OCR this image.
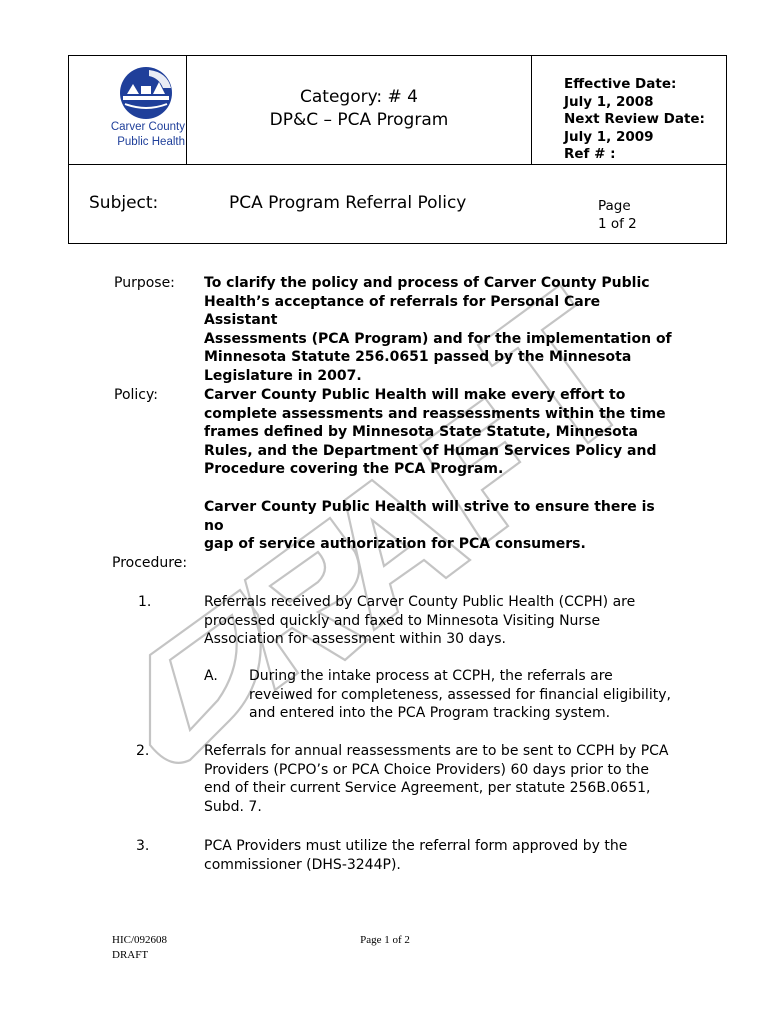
Carver County
Public Health
Category: # 4
DP&C – PCA Program
Effective Date:
July 1, 2008
Next Review Date:
July 1, 2009
Ref # :
Subject:	PCA Program Referral Policy	Page
1 of 2
Purpose: To clarify the policy and process of Carver County Public
Health’s acceptance of referrals for Personal Care Assistant
Assessments (PCA Program) and for the implementation of
Minnesota Statute 256.0651 passed by the Minnesota
Legislature in 2007.
Policy:	Carver County Public Health will make every effort to
complete assessments and reassessments within the time
frames defined by Minnesota State Statute, Minnesota
Rules, and the Department of Human Services Policy and
Procedure covering the PCA Program.
Carver County Public Health will strive to ensure there is no
gap of service authorization for PCA consumers.
Procedure:
1.	Referrals received by Carver County Public Health (CCPH) are
processed quickly and faxed to Minnesota Visiting Nurse
Association for assessment within 30 days.
A. During the intake process at CCPH, the referrals are
reveiwed for completeness, assessed for financial eligibility,
and entered into the PCA Program tracking system.
2.	Referrals for annual reassessments are to be sent to CCPH by PCA
Providers (PCPO’s or PCA Choice Providers) 60 days prior to the
end of their current Service Agreement, per statute 256B.0651,
Subd. 7.
3.	PCA Providers must utilize the referral form approved by the
commissioner (DHS-3244P).
HIC/092608
DRAFT
Page 1 of 2
